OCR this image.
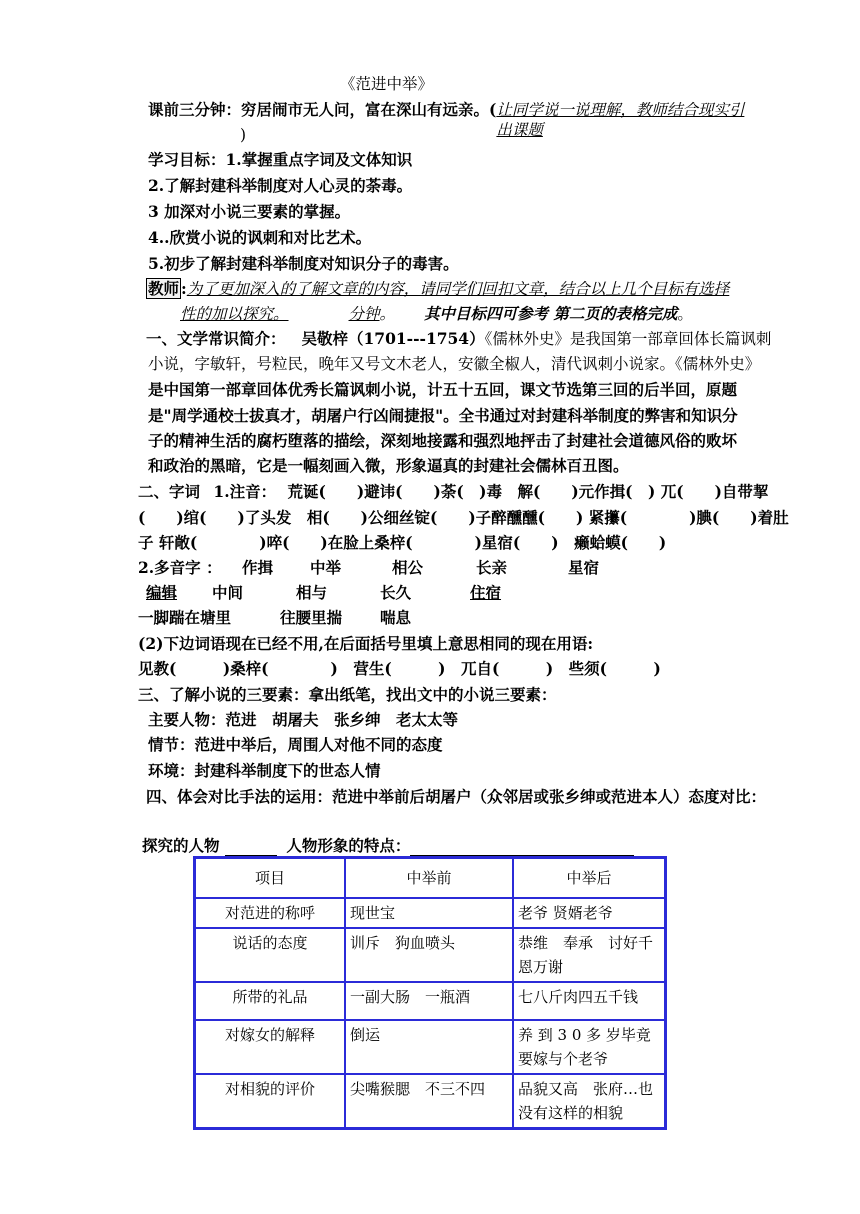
《范进中举》
课前三分钟：穷居闹市无人问，富在深山有远亲。(让同学说一说理解，教师结合现实引出课题
)
学习目标：1.掌握重点字词及文体知识
2.了解封建科举制度对人心灵的荼毒。
3 加深对小说三要素的掌握。
4..欣赏小说的讽刺和对比艺术。
5.初步了解封建科举制度对知识分子的毒害。
教师 :为了更加深入的了解文章的内容，请同学们回扣文章，结合以上几个目标有选择
性的加以探究。	分钟。 其中目标四可参考 第二页的表格完成。
一、文学常识简介： 吴敬梓（1701---1754）《儒林外史》是我国第一部章回体长篇讽刺
小说，字敏轩，号粒民，晚年又号文木老人，安徽全椒人，清代讽刺小说家。《儒林外史》
是中国第一部章回体优秀长篇讽刺小说，计五十五回，课文节选第三回的后半回，原题
是"周学通校士拔真才，胡屠户行凶闹捷报"。全书通过对封建科举制度的弊害和知识分
子的精神生活的腐朽堕落的描绘，深刻地接露和强烈地抨击了封建社会道德风俗的败坏
和政治的黑暗，它是一幅刻画入微，形象逼真的封建社会儒林百丑图。
二、字词 1.注音： 荒诞(　　)避讳(　　)荼(　)毒　解(　　)元作揖(　) 兀(　　)自带挈
(　　)绾(　　)了头发　相(　　)公细丝锭(　　)子醉醺醺(　　) 紧攥(　　　　)腆(　　)着肚
子 轩敞(　　　　)啐(　　)在脸上桑梓(　　　　)星宿(　　)　癞蛤蟆(　　)
2.多音字 ： 作揖 中举	相公	长亲	星宿
编辑 中间	相与	长久	住宿
一脚踹在塘里	往腰里揣 喘息
(2)下边词语现在已经不用,在后面括号里填上意思相同的现在用语:
见教(　　　)桑梓(　　　　)　营生(　　　)　兀自(　　　)　些须(　　　)
三、了解小说的三要素：拿出纸笔，找出文中的小说三要素：
主要人物：范进　胡屠夫　张乡绅　老太太等
情节：范进中举后，周围人对他不同的态度
环境：封建科举制度下的世态人情
四、体会对比手法的运用：范进中举前后胡屠户（众邻居或张乡绅或范进本人）态度对比：
探究的人物	人物形象的特点：
项目	中举前	中举后
对范进的称呼	现世宝	老爷 贤婿老爷
说话的态度	训斥　狗血喷头	恭维　奉承　讨好千恩万谢
所带的礼品	一副大肠　一瓶酒	七八斤肉四五千钱
对嫁女的解释	倒运	养 到 3 0 多 岁毕竟要嫁与个老爷
对相貌的评价	尖嘴猴腮　不三不四	品貌又高　张府…也没有这样的相貌
